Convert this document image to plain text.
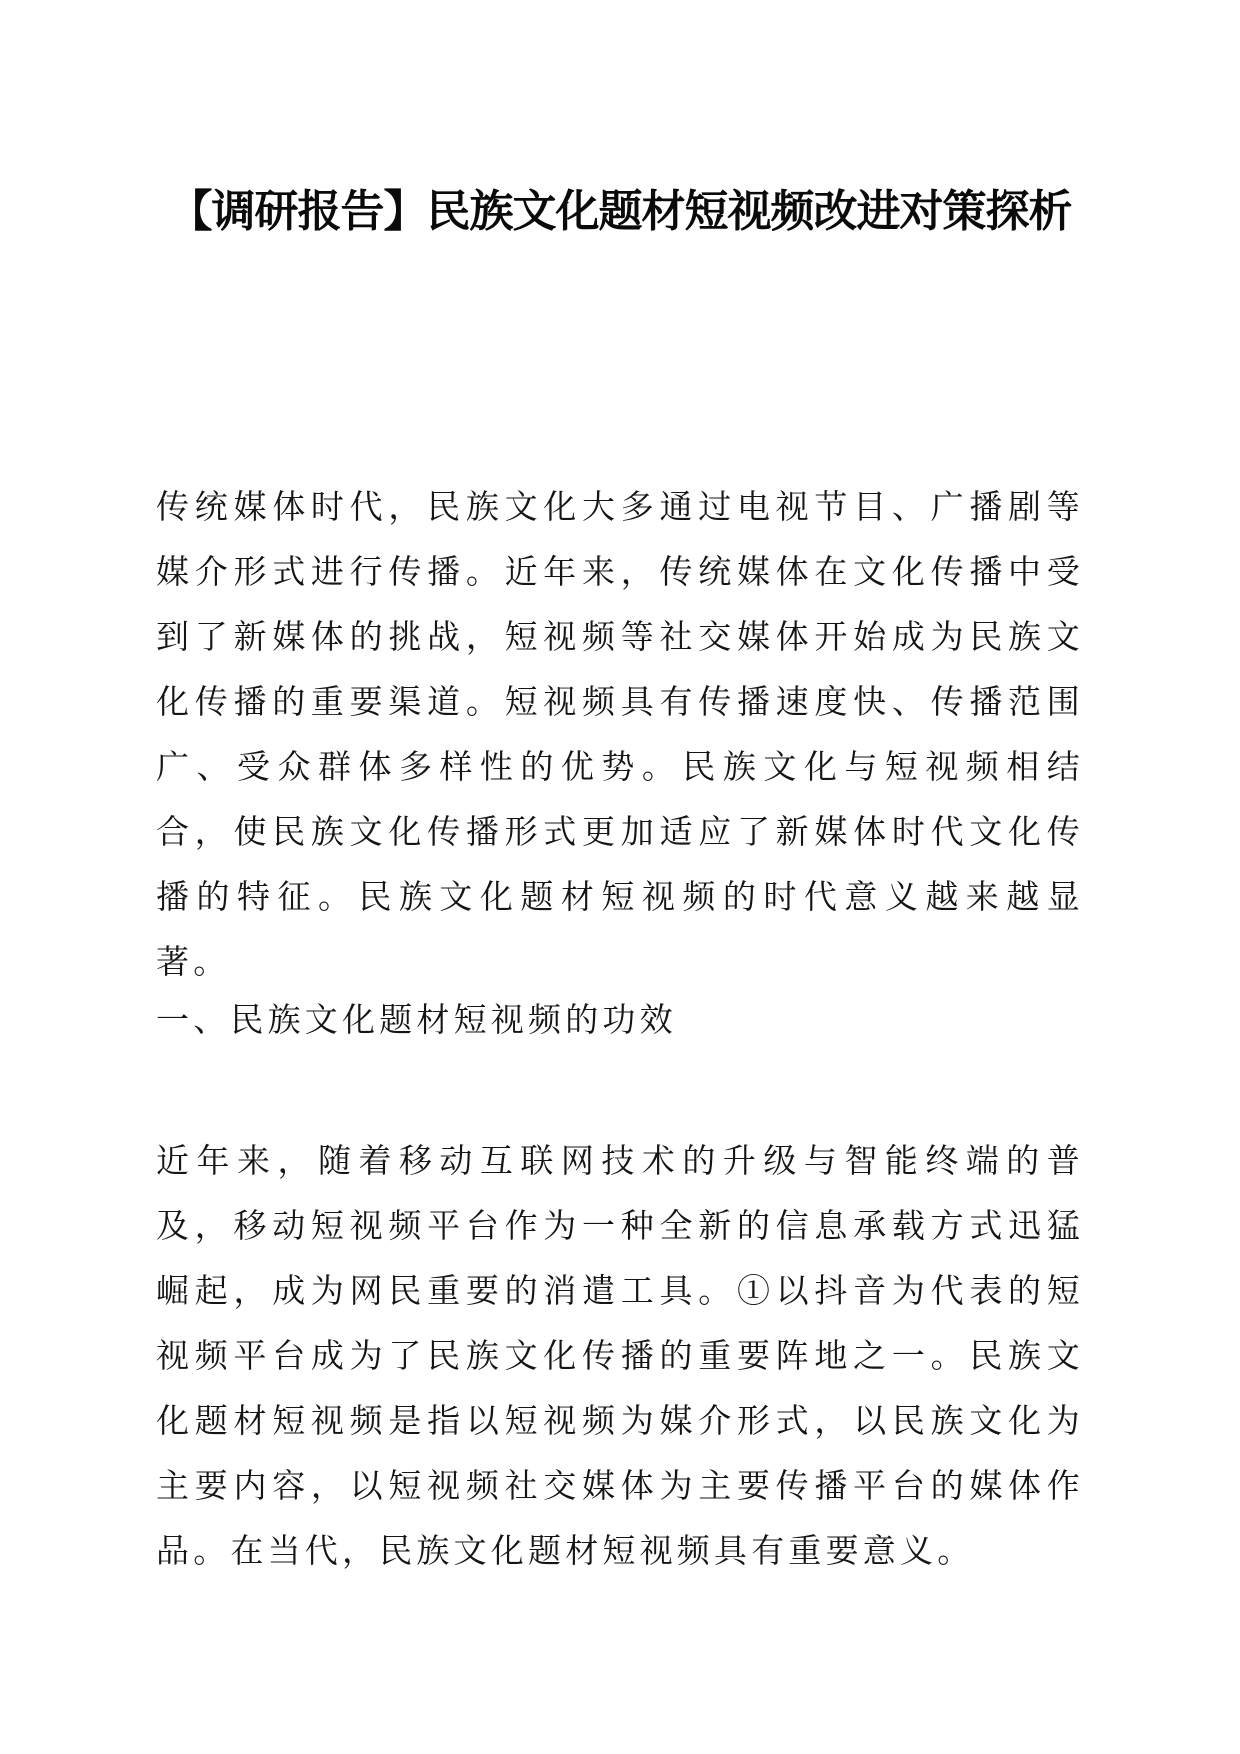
【调研报告】民族文化题材短视频改进对策探析

传统媒体时代，民族文化大多通过电视节目、广播剧等媒介形式进行传播。近年来，传统媒体在文化传播中受到了新媒体的挑战，短视频等社交媒体开始成为民族文化传播的重要渠道。短视频具有传播速度快、传播范围广、受众群体多样性的优势。民族文化与短视频相结合，使民族文化传播形式更加适应了新媒体时代文化传播的特征。民族文化题材短视频的时代意义越来越显著。

一、民族文化题材短视频的功效

近年来，随着移动互联网技术的升级与智能终端的普及，移动短视频平台作为一种全新的信息承载方式迅猛崛起，成为网民重要的消遣工具。①以抖音为代表的短视频平台成为了民族文化传播的重要阵地之一。民族文化题材短视频是指以短视频为媒介形式，以民族文化为主要内容，以短视频社交媒体为主要传播平台的媒体作品。在当代，民族文化题材短视频具有重要意义。
